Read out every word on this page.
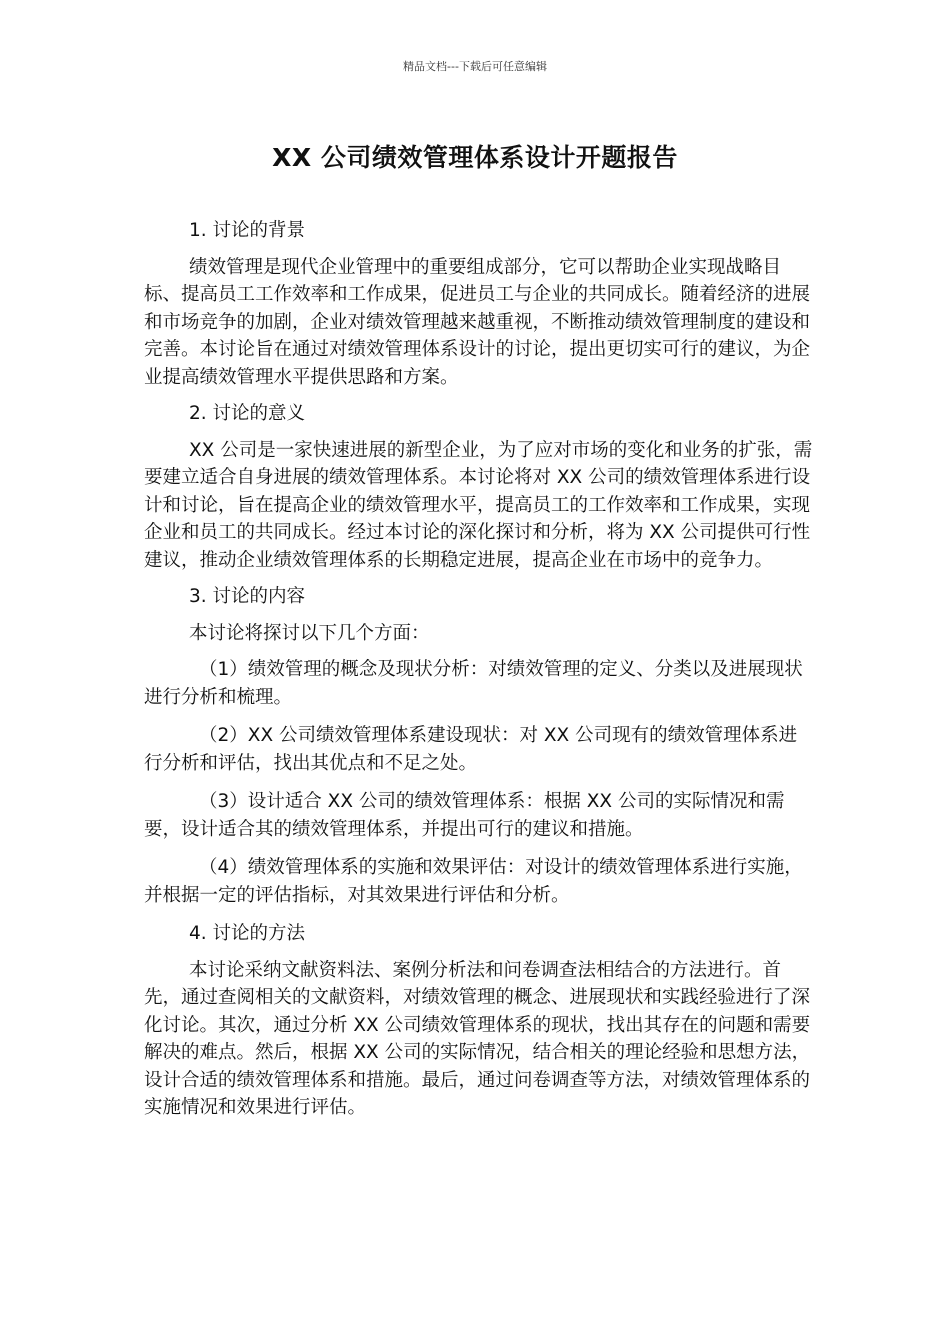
精品文档---下载后可任意编辑
XX 公司绩效管理体系设计开题报告

1. 讨论的背景

绩效管理是现代企业管理中的重要组成部分，它可以帮助企业实现战略目标、提高员工工作效率和工作成果，促进员工与企业的共同成长。随着经济的进展和市场竞争的加剧，企业对绩效管理越来越重视，不断推动绩效管理制度的建设和完善。本讨论旨在通过对绩效管理体系设计的讨论，提出更切实可行的建议，为企业提高绩效管理水平提供思路和方案。

2. 讨论的意义

XX 公司是一家快速进展的新型企业，为了应对市场的变化和业务的扩张，需要建立适合自身进展的绩效管理体系。本讨论将对 XX 公司的绩效管理体系进行设计和讨论，旨在提高企业的绩效管理水平，提高员工的工作效率和工作成果，实现企业和员工的共同成长。经过本讨论的深化探讨和分析，将为 XX 公司提供可行性建议，推动企业绩效管理体系的长期稳定进展，提高企业在市场中的竞争力。

3. 讨论的内容

本讨论将探讨以下几个方面：

（1）绩效管理的概念及现状分析：对绩效管理的定义、分类以及进展现状进行分析和梳理。

（2）XX 公司绩效管理体系建设现状：对 XX 公司现有的绩效管理体系进行分析和评估，找出其优点和不足之处。

（3）设计适合 XX 公司的绩效管理体系：根据 XX 公司的实际情况和需要，设计适合其的绩效管理体系，并提出可行的建议和措施。

（4）绩效管理体系的实施和效果评估：对设计的绩效管理体系进行实施，并根据一定的评估指标，对其效果进行评估和分析。

4. 讨论的方法

本讨论采纳文献资料法、案例分析法和问卷调查法相结合的方法进行。首先，通过查阅相关的文献资料，对绩效管理的概念、进展现状和实践经验进行了深化讨论。其次，通过分析 XX 公司绩效管理体系的现状，找出其存在的问题和需要解决的难点。然后，根据 XX 公司的实际情况，结合相关的理论经验和思想方法，设计合适的绩效管理体系和措施。最后，通过问卷调查等方法，对绩效管理体系的实施情况和效果进行评估。
